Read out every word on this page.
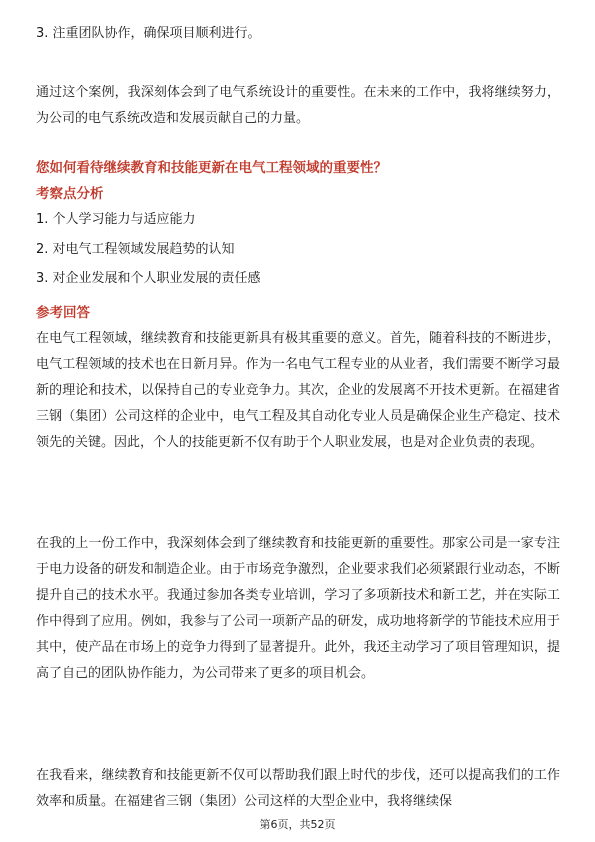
3. 注重团队协作，确保项目顺利进行。

通过这个案例，我深刻体会到了电气系统设计的重要性。在未来的工作中，我将继续努力，为公司的电气系统改造和发展贡献自己的力量。

您如何看待继续教育和技能更新在电气工程领域的重要性？
考察点分析
1. 个人学习能力与适应能力
2. 对电气工程领域发展趋势的认知
3. 对企业发展和个人职业发展的责任感
参考回答

在电气工程领域，继续教育和技能更新具有极其重要的意义。首先，随着科技的不断进步，电气工程领域的技术也在日新月异。作为一名电气工程专业的从业者，我们需要不断学习最新的理论和技术，以保持自己的专业竞争力。其次，企业的发展离不开技术更新。在福建省三钢（集团）公司这样的企业中，电气工程及其自动化专业人员是确保企业生产稳定、技术领先的关键。因此，个人的技能更新不仅有助于个人职业发展，也是对企业负责的表现。

在我的上一份工作中，我深刻体会到了继续教育和技能更新的重要性。那家公司是一家专注于电力设备的研发和制造企业。由于市场竞争激烈，企业要求我们必须紧跟行业动态，不断提升自己的技术水平。我通过参加各类专业培训，学习了多项新技术和新工艺，并在实际工作中得到了应用。例如，我参与了公司一项新产品的研发，成功地将新学的节能技术应用于其中，使产品在市场上的竞争力得到了显著提升。此外，我还主动学习了项目管理知识，提高了自己的团队协作能力，为公司带来了更多的项目机会。

在我看来，继续教育和技能更新不仅可以帮助我们跟上时代的步伐，还可以提高我们的工作效率和质量。在福建省三钢（集团）公司这样的大型企业中，我将继续保

第6页，共52页
